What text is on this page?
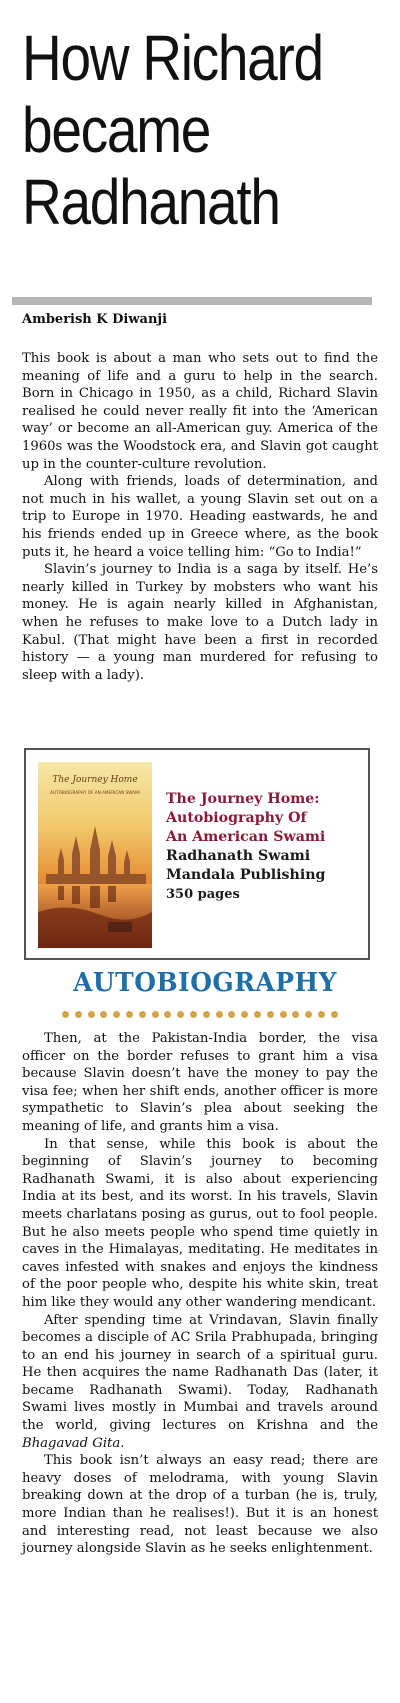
How Richard
became
Radhanath
Amberish K Diwanji

This book is about a man who sets out to find the meaning of life and a guru to help in the search. Born in Chicago in 1950, as a child, Richard Slavin realised he could never really fit into the ‘American way’ or become an all-American guy. America of the 1960s was the Woodstock era, and Slavin got caught up in the counter-culture revolution.

Along with friends, loads of determination, and not much in his wallet, a young Slavin set out on a trip to Europe in 1970. Heading eastwards, he and his friends ended up in Greece where, as the book puts it, he heard a voice telling him: “Go to India!”

Slavin’s journey to India is a saga by itself. He’s nearly killed in Turkey by mobsters who want his money. He is again nearly killed in Afghanistan, when he refuses to make love to a Dutch lady in Kabul. (That might have been a first in recorded history — a young man murdered for refusing to sleep with a lady).

The Journey Home
AUTOBIOGRAPHY OF AN AMERICAN SWAMI The Journey Home:
Autobiography Of
An American Swami
Radhanath Swami
Mandala Publishing
350 pages
AUTOBIOGRAPHY

Then, at the Pakistan-India border, the visa officer on the border refuses to grant him a visa because Slavin doesn’t have the money to pay the visa fee; when her shift ends, another officer is more sympathetic to Slavin’s plea about seeking the meaning of life, and grants him a visa.

In that sense, while this book is about the beginning of Slavin’s journey to becoming Radhanath Swami, it is also about experiencing India at its best, and its worst. In his travels, Slavin meets charlatans posing as gurus, out to fool people. But he also meets people who spend time quietly in caves in the Himalayas, meditating. He meditates in caves infested with snakes and enjoys the kindness of the poor people who, despite his white skin, treat him like they would any other wandering mendicant.

After spending time at Vrindavan, Slavin finally becomes a disciple of AC Srila Prabhupada, bringing to an end his journey in search of a spiritual guru. He then acquires the name Radhanath Das (later, it became Radhanath Swami). Today, Radhanath Swami lives mostly in Mumbai and travels around the world, giving lectures on Krishna and the Bhagavad Gita.

This book isn’t always an easy read; there are heavy doses of melodrama, with young Slavin breaking down at the drop of a turban (he is, truly, more Indian than he realises!). But it is an honest and interesting read, not least because we also journey alongside Slavin as he seeks enlightenment.
